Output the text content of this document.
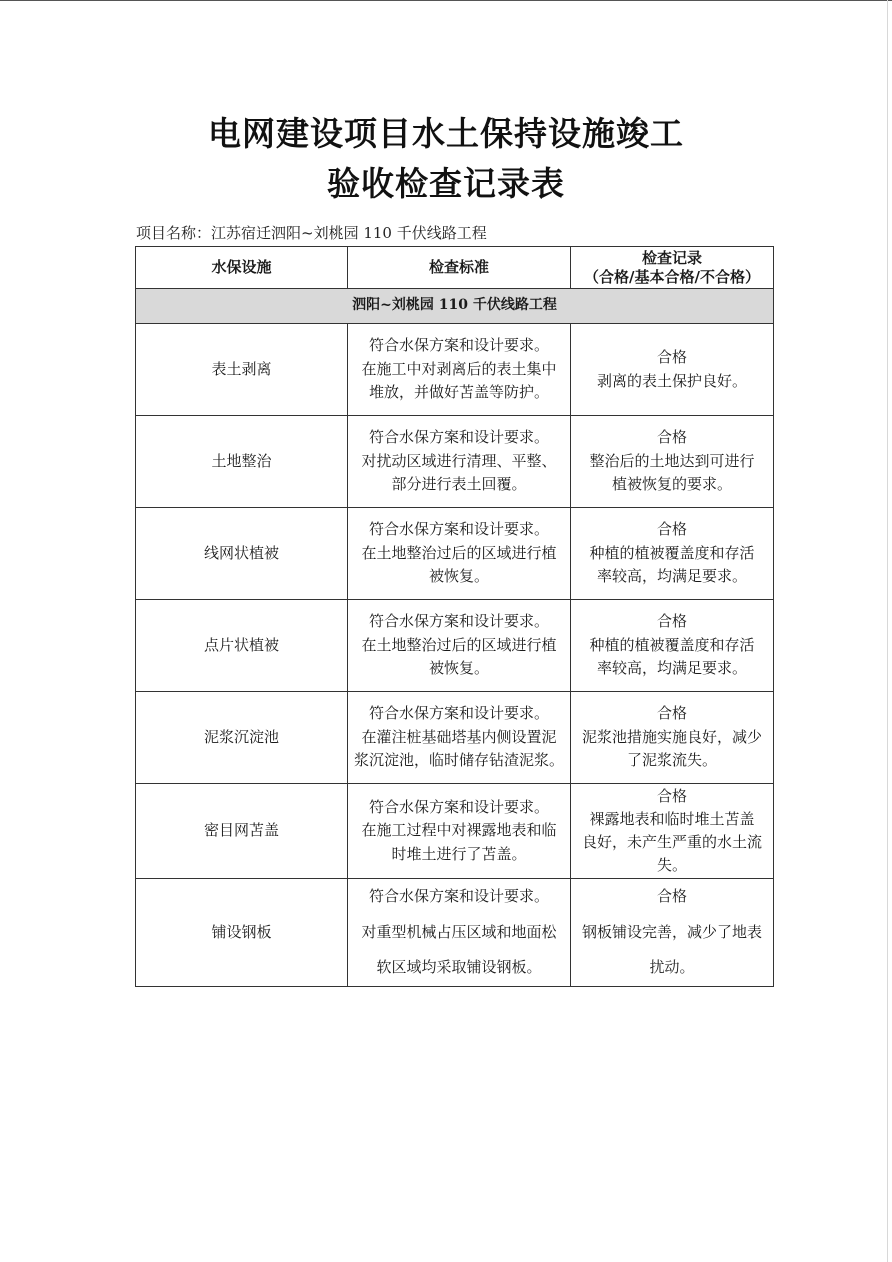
电网建设项目水土保持设施竣工
验收检查记录表
项目名称：江苏宿迁泗阳~刘桃园 110 千伏线路工程
水保设施	检查标准	检查记录
（合格/基本合格/不合格）

泗阳~刘桃园 110 千伏线路工程		
表土剥离	符合水保方案和设计要求。
在施工中对剥离后的表土集中
堆放，并做好苫盖等防护。	合格
剥离的表土保护良好。

土地整治	符合水保方案和设计要求。
对扰动区域进行清理、平整、
部分进行表土回覆。	合格
整治后的土地达到可进行
植被恢复的要求。

线网状植被	符合水保方案和设计要求。
在土地整治过后的区域进行植
被恢复。	合格
种植的植被覆盖度和存活
率较高，均满足要求。

点片状植被	符合水保方案和设计要求。
在土地整治过后的区域进行植
被恢复。	合格
种植的植被覆盖度和存活
率较高，均满足要求。

泥浆沉淀池	符合水保方案和设计要求。
在灌注桩基础塔基内侧设置泥
浆沉淀池，临时储存钻渣泥浆。	合格
泥浆池措施实施良好，减少
了泥浆流失。

密目网苫盖	符合水保方案和设计要求。
在施工过程中对裸露地表和临
时堆土进行了苫盖。	合格
裸露地表和临时堆土苫盖
良好，未产生严重的水土流
失。

铺设钢板	符合水保方案和设计要求。
对重型机械占压区域和地面松
软区域均采取铺设钢板。	合格
钢板铺设完善，减少了地表
扰动。
